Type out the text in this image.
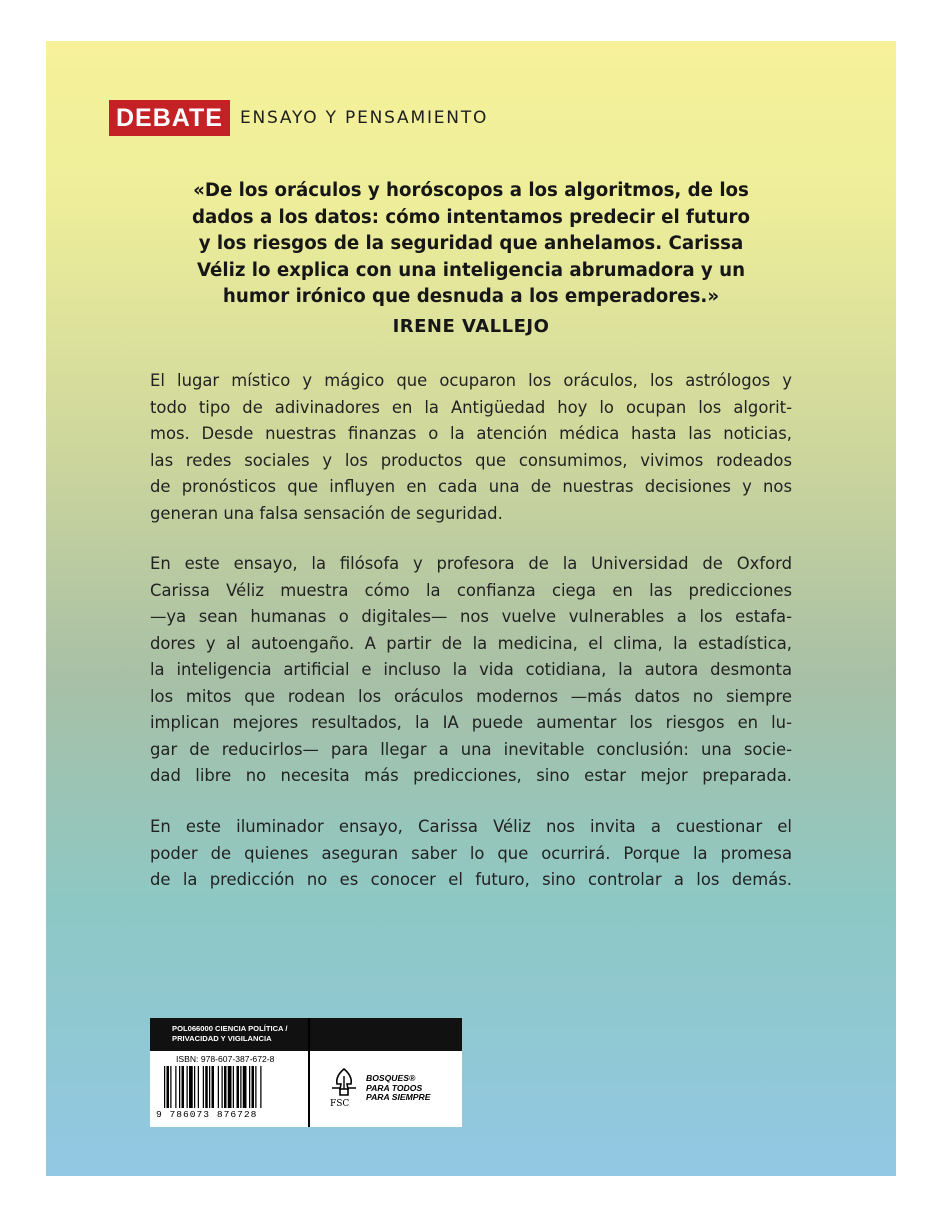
DEBATE	ENSAYO Y PENSAMIENTO
«De los oráculos y horóscopos a los algoritmos, de los
dados a los datos: cómo intentamos predecir el futuro
y los riesgos de la seguridad que anhelamos. Carissa
Véliz lo explica con una inteligencia abrumadora y un
humor irónico que desnuda a los emperadores.»
IRENE VALLEJO
El lugar místico y mágico que ocuparon los oráculos, los astrólogos y
todo tipo de adivinadores en la Antigüedad hoy lo ocupan los algorit-
mos. Desde nuestras finanzas o la atención médica hasta las noticias,
las redes sociales y los productos que consumimos, vivimos rodeados
de pronósticos que influyen en cada una de nuestras decisiones y nos
generan una falsa sensación de seguridad.
En este ensayo, la filósofa y profesora de la Universidad de Oxford
Carissa Véliz muestra cómo la confianza ciega en las predicciones
—ya sean humanas o digitales— nos vuelve vulnerables a los estafa-
dores y al autoengaño. A partir de la medicina, el clima, la estadística,
la inteligencia artificial e incluso la vida cotidiana, la autora desmonta
los mitos que rodean los oráculos modernos —más datos no siempre
implican mejores resultados, la IA puede aumentar los riesgos en lu-
gar de reducirlos— para llegar a una inevitable conclusión: una socie-
dad libre no necesita más predicciones, sino estar mejor preparada.
En este iluminador ensayo, Carissa Véliz nos invita a cuestionar el
poder de quienes aseguran saber lo que ocurrirá. Porque la promesa
de la predicción no es conocer el futuro, sino controlar a los demás.
POL066000 CIENCIA POLÍTICA /
PRIVACIDAD Y VIGILANCIA
ISBN: 978-607-387-672-8
9 786073 876728
FSC
BOSQUES®
PARA TODOS
PARA SIEMPRE
